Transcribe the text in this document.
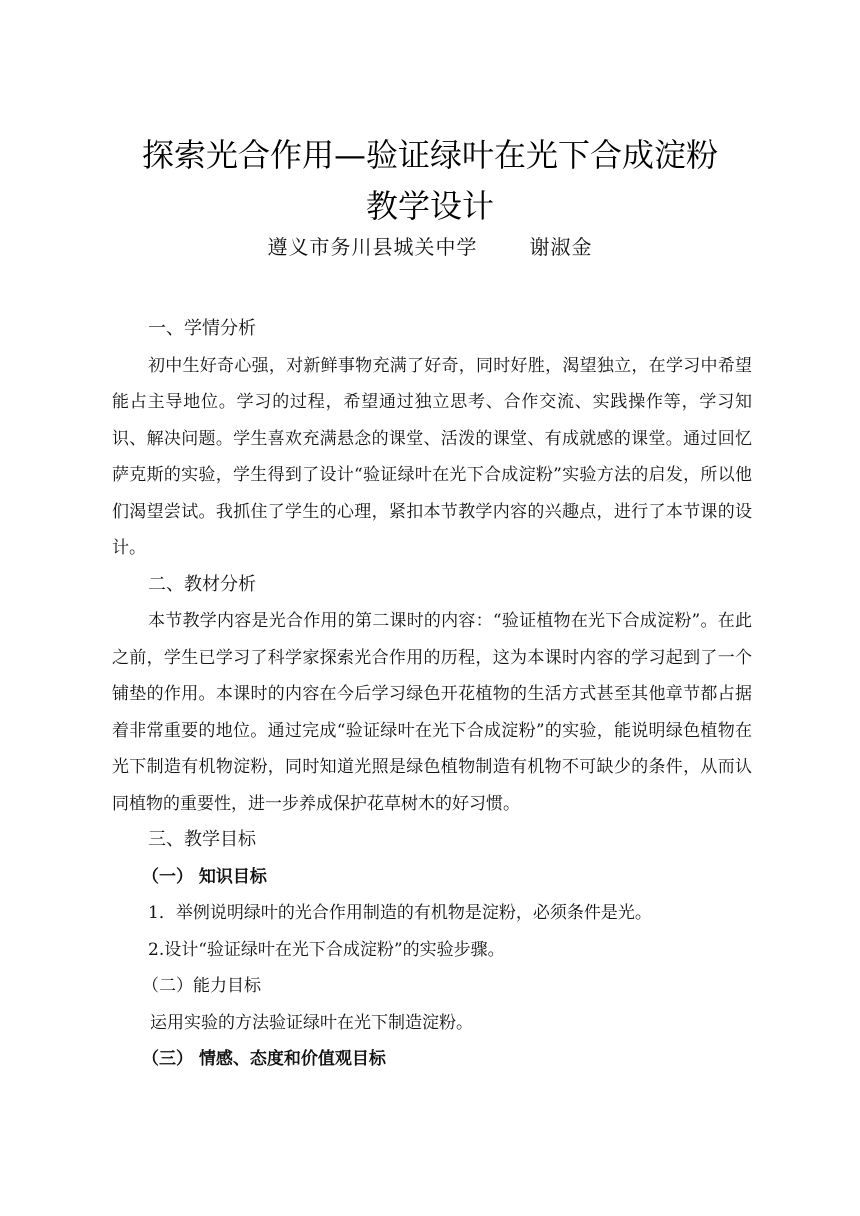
探索光合作用—验证绿叶在光下合成淀粉
教学设计
遵义市务川县城关中学	谢淑金

一、学情分析

初中生好奇心强，对新鲜事物充满了好奇，同时好胜，渴望独立，在学习中希望能占主导地位。学习的过程，希望通过独立思考、合作交流、实践操作等，学习知识、解决问题。学生喜欢充满悬念的课堂、活泼的课堂、有成就感的课堂。通过回忆萨克斯的实验，学生得到了设计“验证绿叶在光下合成淀粉”实验方法的启发，所以他们渴望尝试。我抓住了学生的心理，紧扣本节教学内容的兴趣点，进行了本节课的设计。

二、教材分析

本节教学内容是光合作用的第二课时的内容：“验证植物在光下合成淀粉”。在此之前，学生已学习了科学家探索光合作用的历程，这为本课时内容的学习起到了一个铺垫的作用。本课时的内容在今后学习绿色开花植物的生活方式甚至其他章节都占据着非常重要的地位。通过完成“验证绿叶在光下合成淀粉”的实验，能说明绿色植物在光下制造有机物淀粉，同时知道光照是绿色植物制造有机物不可缺少的条件，从而认同植物的重要性，进一步养成保护花草树木的好习惯。

三、教学目标

（一） 知识目标

1．举例说明绿叶的光合作用制造的有机物是淀粉，必须条件是光。

2.设计“验证绿叶在光下合成淀粉”的实验步骤。

（二）能力目标

运用实验的方法验证绿叶在光下制造淀粉。

（三） 情感、态度和价值观目标
